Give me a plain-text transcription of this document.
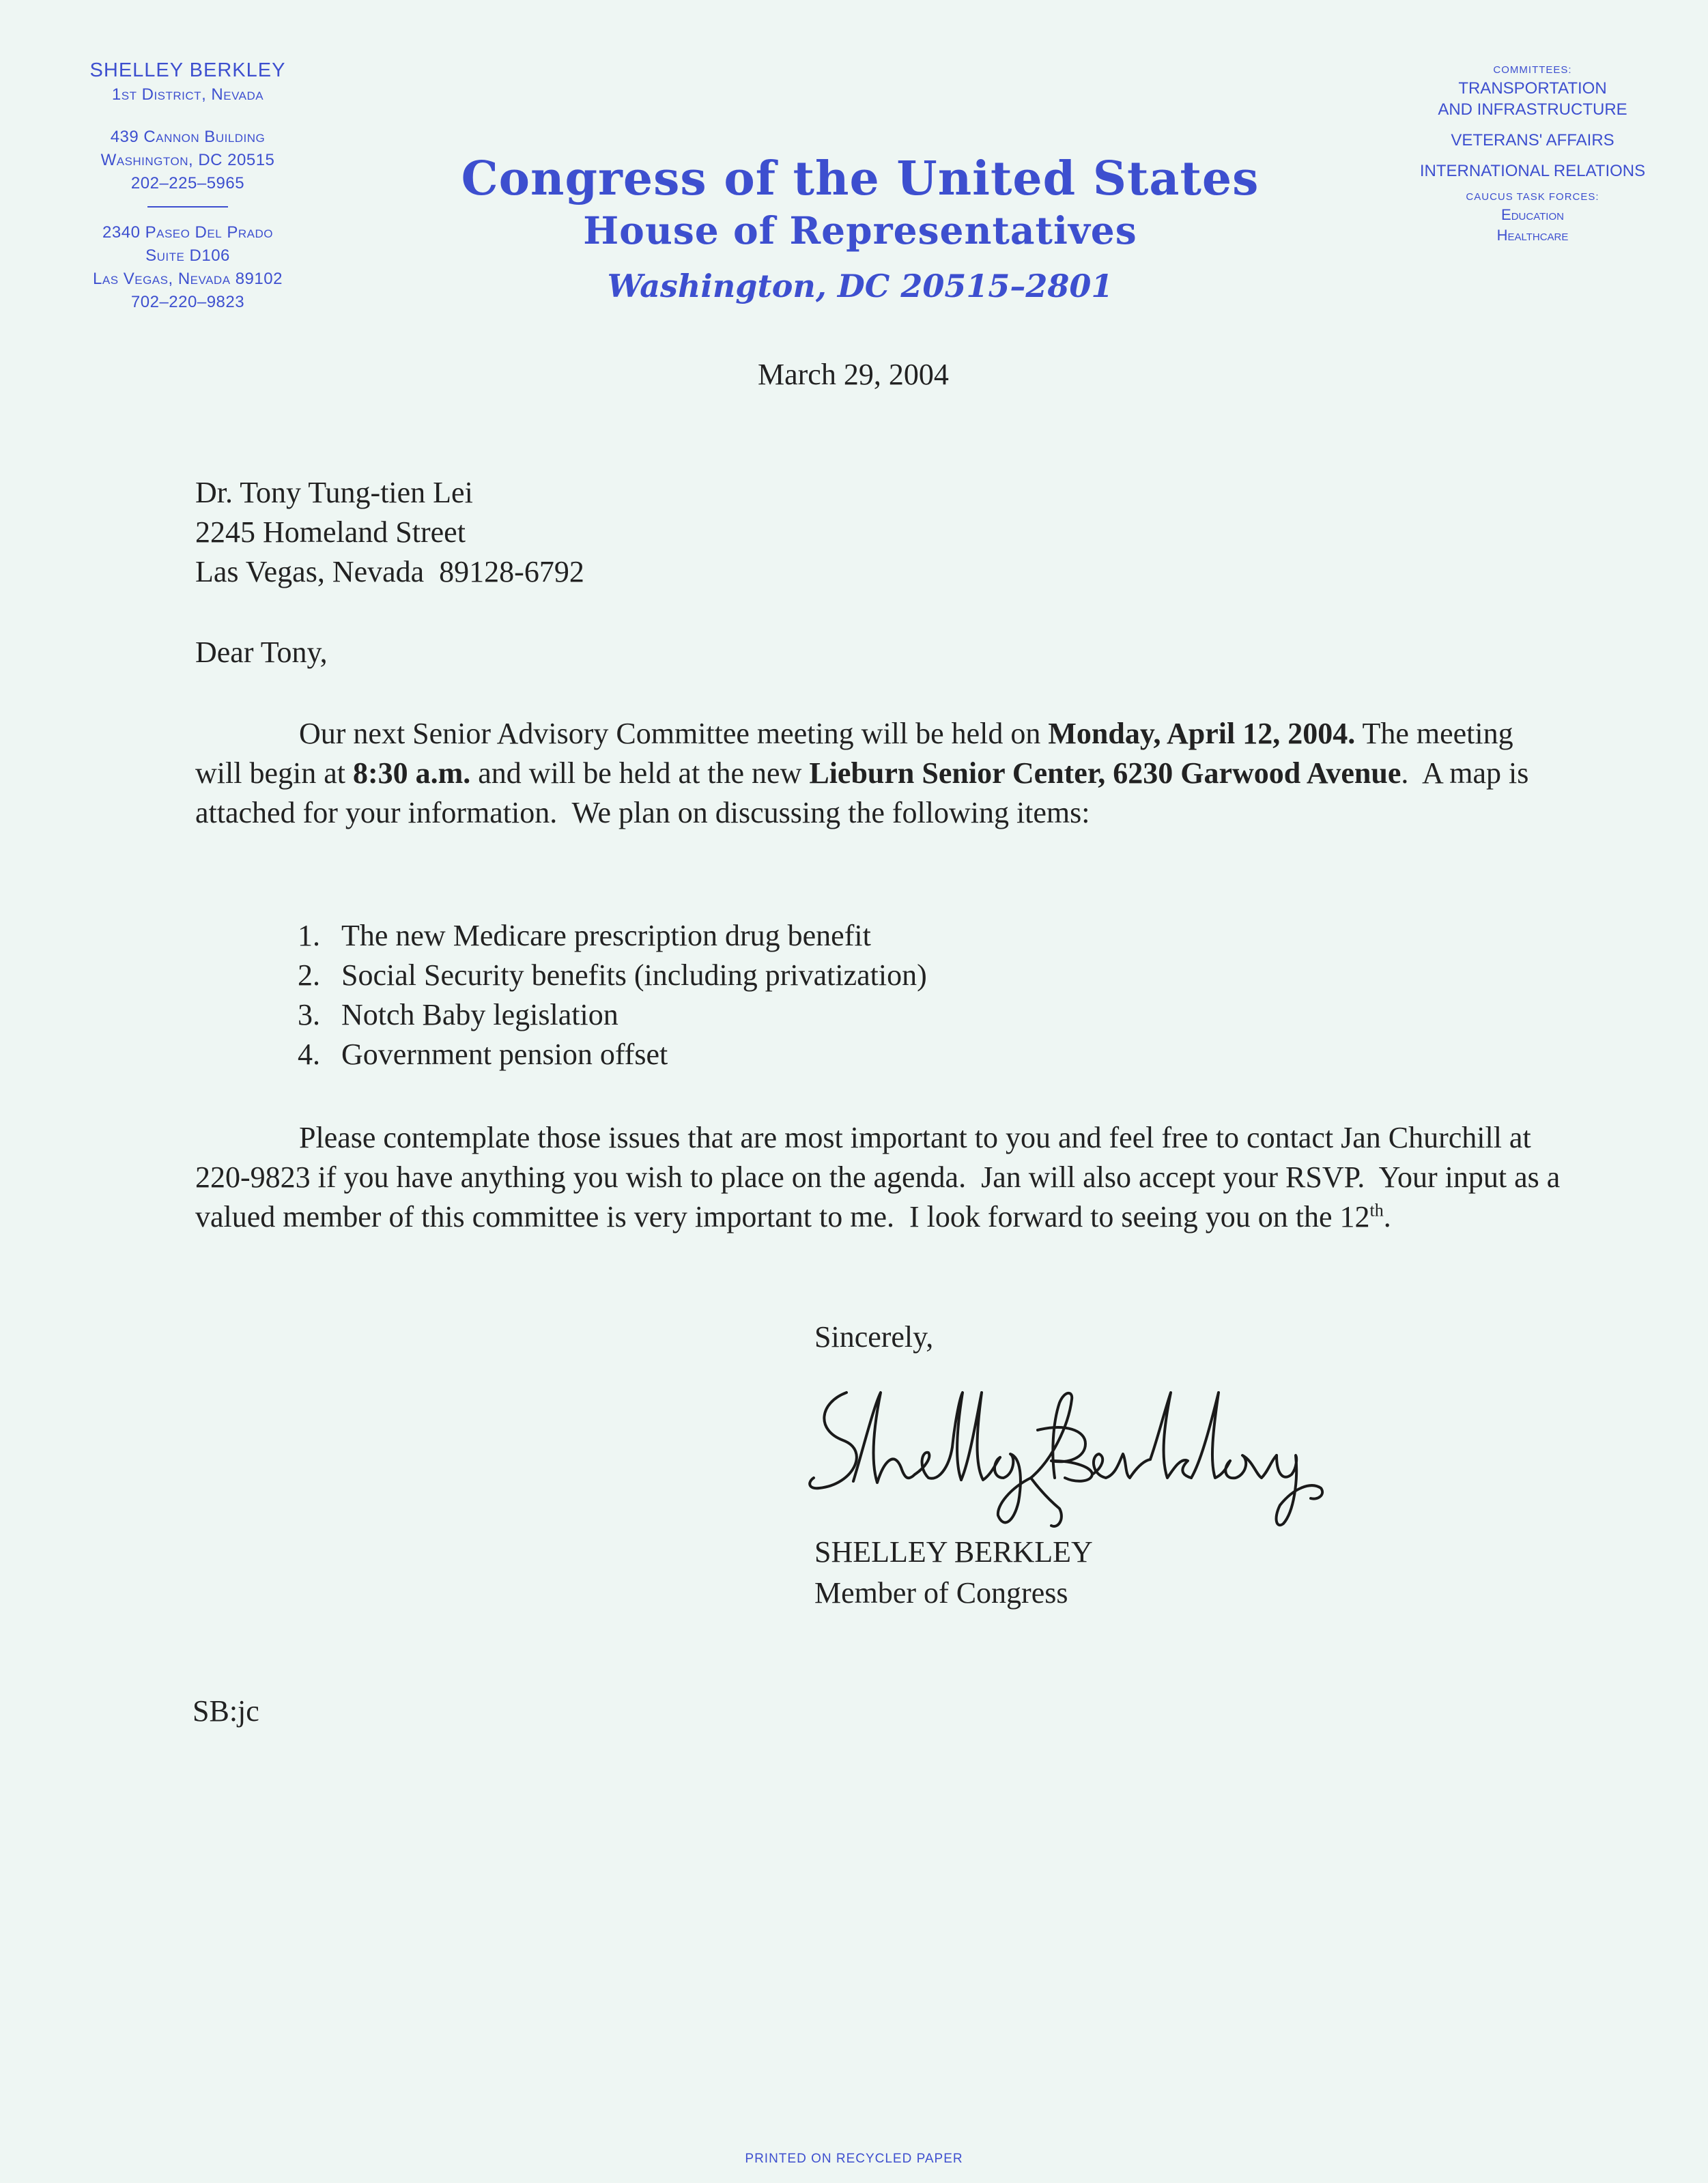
SHELLEY BERKLEY
1st District, Nevada
439 Cannon Building
Washington, DC 20515
202–225–5965
2340 Paseo Del Prado
Suite D106
Las Vegas, Nevada 89102
702–220–9823
Congress of the United States
House of Representatives
Washington, DC 20515–2801
COMMITTEES:
TRANSPORTATION
AND INFRASTRUCTURE
VETERANS' AFFAIRS
INTERNATIONAL RELATIONS
CAUCUS TASK FORCES:
Education
Healthcare
March 29, 2004
Dr. Tony Tung-tien Lei
2245 Homeland Street
Las Vegas, Nevada  89128-6792
Dear Tony,
Our next Senior Advisory Committee meeting will be held on Monday, April 12, 2004. The meeting will begin at 8:30 a.m. and will be held at the new Lieburn Senior Center, 6230 Garwood Avenue.  A map is attached for your information.  We plan on discussing the following items:
1. The new Medicare prescription drug benefit
2. Social Security benefits (including privatization)
3. Notch Baby legislation
4. Government pension offset
Please contemplate those issues that are most important to you and feel free to contact Jan Churchill at 220-9823 if you have anything you wish to place on the agenda.  Jan will also accept your RSVP.  Your input as a valued member of this committee is very important to me.  I look forward to seeing you on the 12th.
Sincerely,
SHELLEY BERKLEY
Member of Congress
SB:jc
PRINTED ON RECYCLED PAPER
